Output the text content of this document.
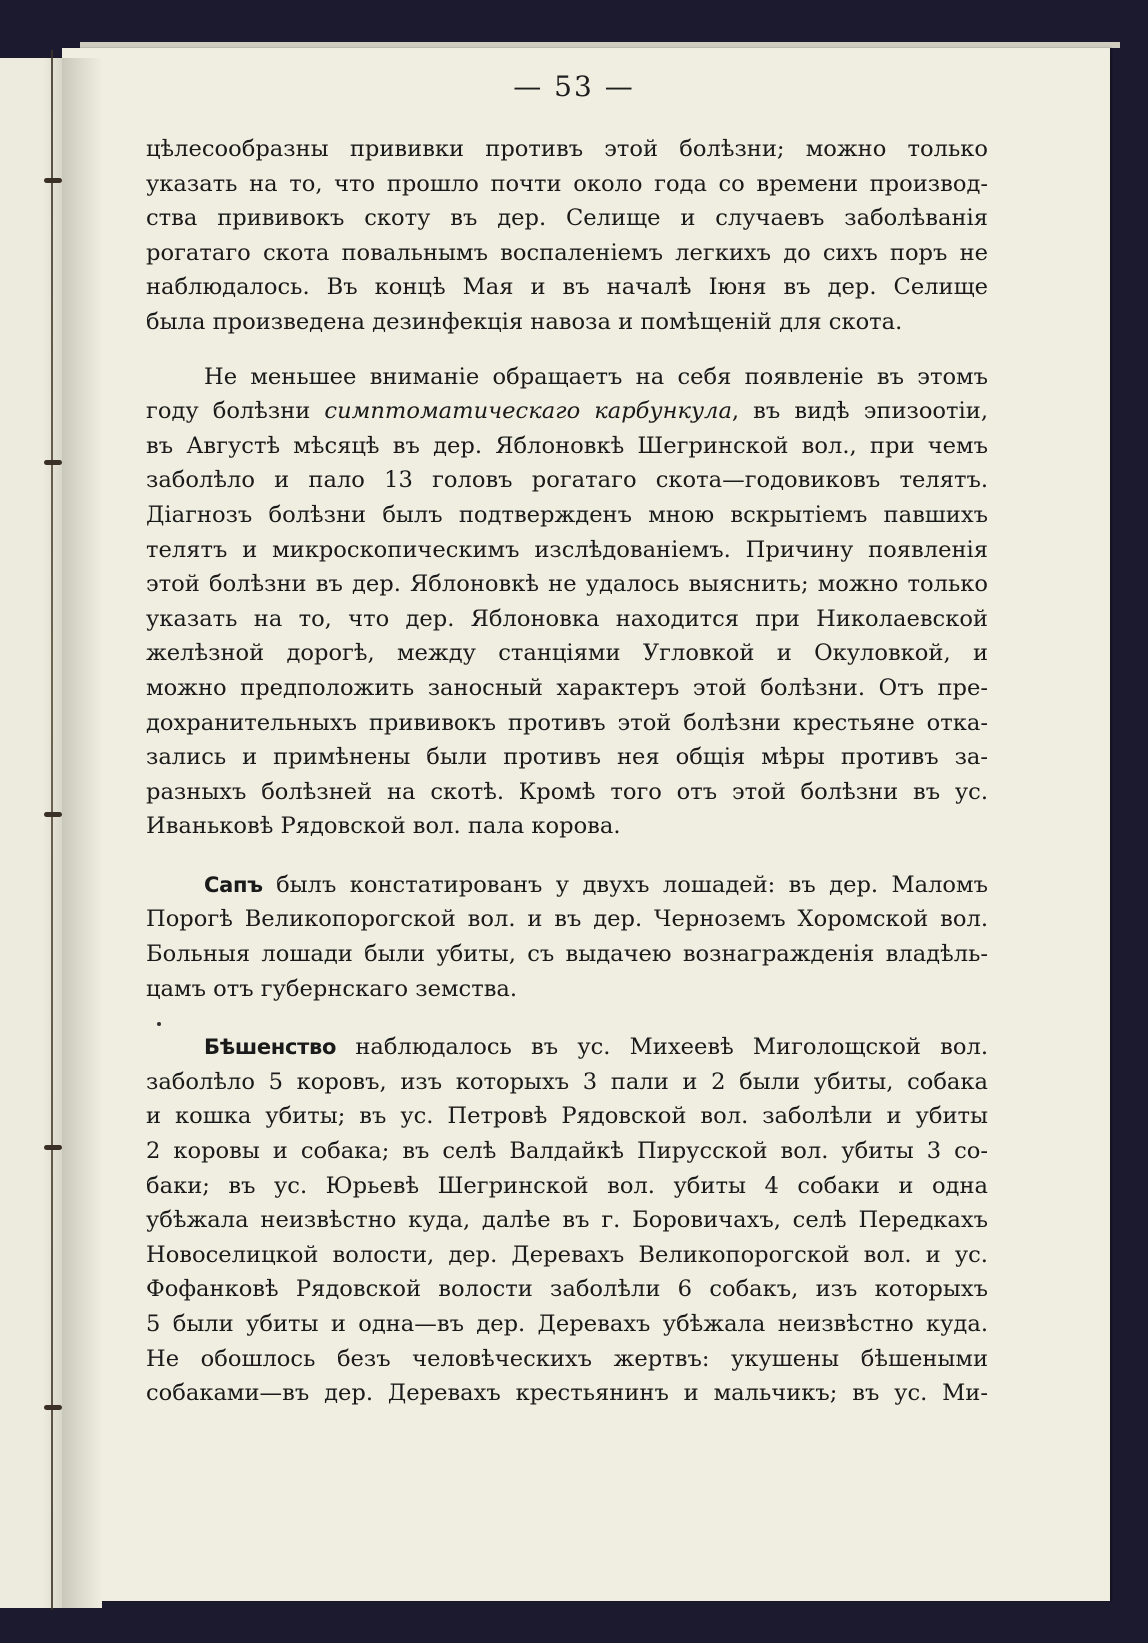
— 53 —
цѣлесообразны прививки противъ этой болѣзни; можно только
указать на то, что прошло почти около года со времени производ-
ства прививокъ скоту въ дер. Селище и случаевъ заболѣванія
рогатаго скота повальнымъ воспаленіемъ легкихъ до сихъ поръ не
наблюдалось. Въ концѣ Мая и въ началѣ Іюня въ дер. Селище
была произведена дезинфекція навоза и помѣщеній для скота.
Не меньшее вниманіе обращаетъ на себя появленіе въ этомъ
году болѣзни симптоматическаго карбункула, въ видѣ эпизоотіи,
въ Августѣ мѣсяцѣ въ дер. Яблоновкѣ Шегринской вол., при чемъ
заболѣло и пало 13 головъ рогатаго скота—годовиковъ телятъ.
Діагнозъ болѣзни былъ подтвержденъ мною вскрытіемъ павшихъ
телятъ и микроскопическимъ изслѣдованіемъ. Причину появленія
этой болѣзни въ дер. Яблоновкѣ не удалось выяснить; можно только
указать на то, что дер. Яблоновка находится при Николаевской
желѣзной дорогѣ, между станціями Угловкой и Окуловкой, и
можно предположить заносный характеръ этой болѣзни. Отъ пре-
дохранительныхъ прививокъ противъ этой болѣзни крестьяне отка-
зались и примѣнены были противъ нея общія мѣры противъ за-
разныхъ болѣзней на скотѣ. Кромѣ того отъ этой болѣзни въ ус.
Иваньковѣ Рядовской вол. пала корова.
Сапъ былъ констатированъ у двухъ лошадей: въ дер. Маломъ
Порогѣ Великопорогской вол. и въ дер. Черноземъ Хоромской вол.
Больныя лошади были убиты, съ выдачею вознагражденія владѣль-
цамъ отъ губернскаго земства.
Бѣшенство наблюдалось въ ус. Михеевѣ Миголощской вол.
заболѣло 5 коровъ, изъ которыхъ 3 пали и 2 были убиты, собака
и кошка убиты; въ ус. Петровѣ Рядовской вол. заболѣли и убиты
2 коровы и собака; въ селѣ Валдайкѣ Пирусской вол. убиты 3 со-
баки; въ ус. Юрьевѣ Шегринской вол. убиты 4 собаки и одна
убѣжала неизвѣстно куда, далѣе въ г. Боровичахъ, селѣ Передкахъ
Новоселицкой волости, дер. Деревахъ Великопорогской вол. и ус.
Фофанковѣ Рядовской волости заболѣли 6 собакъ, изъ которыхъ
5 были убиты и одна—въ дер. Деревахъ убѣжала неизвѣстно куда.
Не обошлось безъ человѣческихъ жертвъ: укушены бѣшеными
собаками—въ дер. Деревахъ крестьянинъ и мальчикъ; въ ус. Ми-
